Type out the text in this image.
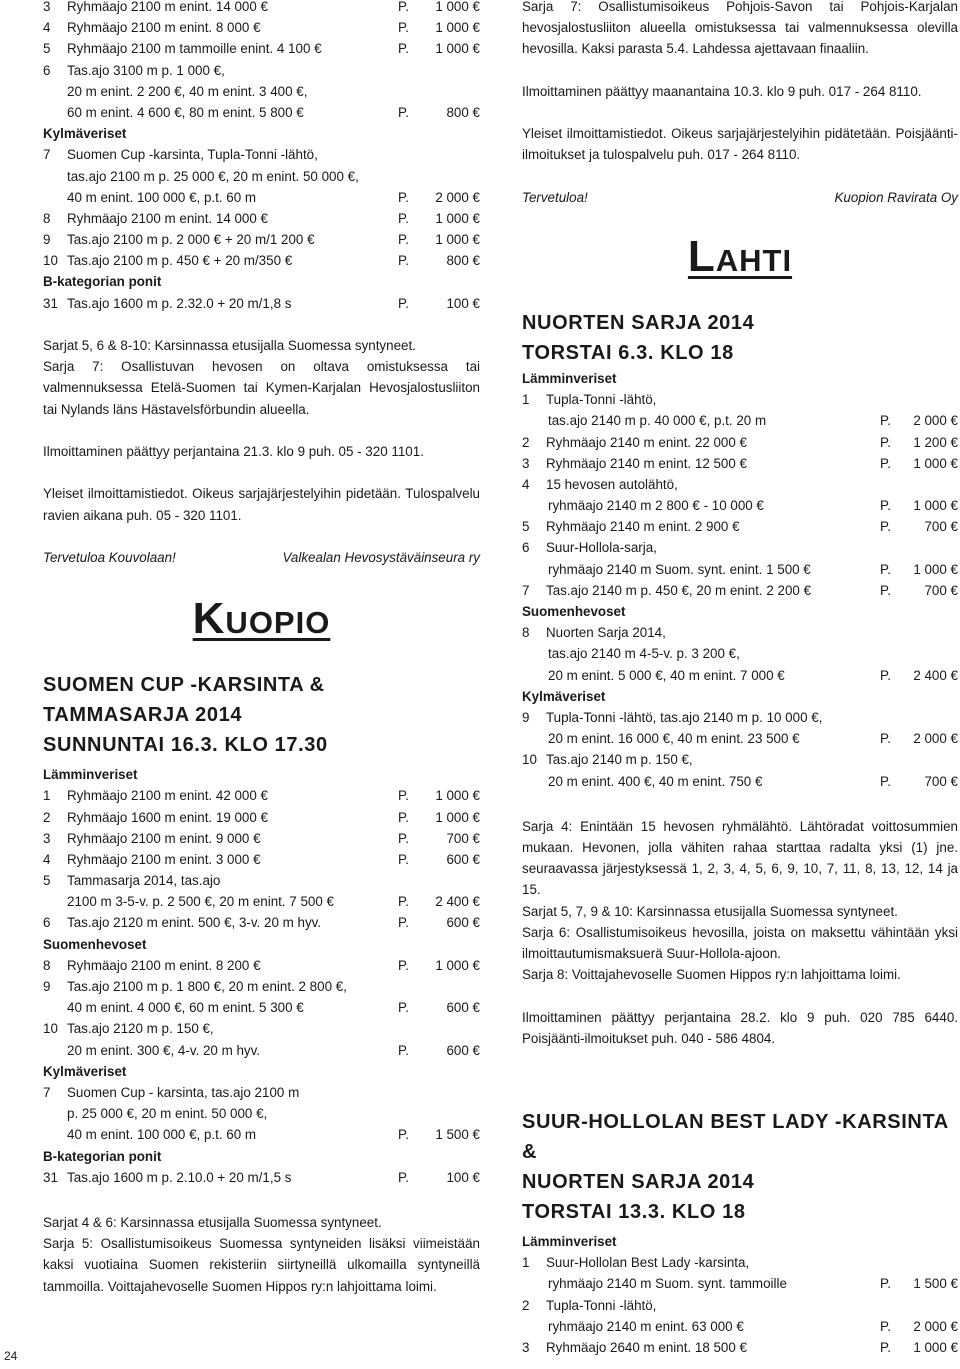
3 Ryhmäajo 2100 m enint. 14 000 €	P. 1 000 €
4 Ryhmäajo 2100 m enint. 8 000 €	P. 1 000 €
5 Ryhmäajo 2100 m tammoille enint. 4 100 €	P. 1 000 €
6 Tas.ajo 3100 m p. 1 000 €,
20 m enint. 2 200 €, 40 m enint. 3 400 €,
60 m enint. 4 600 €, 80 m enint. 5 800 €	P.	800 €
Kylmäveriset
7 Suomen Cup -karsinta, Tupla-Tonni -lähtö,
tas.ajo 2100 m p. 25 000 €, 20 m enint. 50 000 €,
40 m enint. 100 000 €, p.t. 60 m	P. 2 000 €
8 Ryhmäajo 2100 m enint. 14 000 €	P. 1 000 €
9 Tas.ajo 2100 m p. 2 000 € + 20 m/1 200 €	P. 1 000 €
10 Tas.ajo 2100 m p. 450 € + 20 m/350 €	P.	800 €
B-kategorian ponit
31 Tas.ajo 1600 m p. 2.32.0 + 20 m/1,8 s	P.	100 €
Sarjat 5, 6 & 8-10: Karsinnassa etusijalla Suomessa syntyneet.
Sarja 7: Osallistuvan hevosen on oltava omistuksessa tai valmennuksessa Etelä-Suomen tai Kymen-Karjalan Hevosjalostusliiton tai Nylands läns Hästavelsförbundin alueella.
Ilmoittaminen päättyy perjantaina 21.3. klo 9 puh. 05 - 320 1101.
Yleiset ilmoittamistiedot. Oikeus sarjajärjestelyihin pidetään. Tulospalvelu ravien aikana puh. 05 - 320 1101.
Tervetuloa Kouvolaan!	Valkealan Hevosystäväinseura ry
Kuopio
SUOMEN CUP -KARSINTA &
TAMMASARJA 2014
SUNNUNTAI 16.3. KLO 17.30
Lämminveriset
1 Ryhmäajo 2100 m enint. 42 000 €	P. 1 000 €
2 Ryhmäajo 1600 m enint. 19 000 €	P. 1 000 €
3 Ryhmäajo 2100 m enint. 9 000 €	P.	700 €
4 Ryhmäajo 2100 m enint. 3 000 €	P.	600 €
5 Tammasarja 2014, tas.ajo
2100 m 3-5-v. p. 2 500 €, 20 m enint. 7 500 €	P. 2 400 €
6 Tas.ajo 2120 m enint. 500 €, 3-v. 20 m hyv.	P.	600 €
Suomenhevoset
8 Ryhmäajo 2100 m enint. 8 200 €	P. 1 000 €
9 Tas.ajo 2100 m p. 1 800 €, 20 m enint. 2 800 €,
40 m enint. 4 000 €, 60 m enint. 5 300 €	P.	600 €
10 Tas.ajo 2120 m p. 150 €,
20 m enint. 300 €, 4-v. 20 m hyv.	P.	600 €
Kylmäveriset
7 Suomen Cup - karsinta, tas.ajo 2100 m
p. 25 000 €, 20 m enint. 50 000 €,
40 m enint. 100 000 €, p.t. 60 m	P. 1 500 €
B-kategorian ponit
31 Tas.ajo 1600 m p. 2.10.0 + 20 m/1,5 s	P.	100 €
Sarjat 4 & 6: Karsinnassa etusijalla Suomessa syntyneet.
Sarja 5: Osallistumisoikeus Suomessa syntyneiden lisäksi viimeistään kaksi vuotiaina Suomen rekisteriin siirtyneillä ulkomailla syntyneillä tammoilla. Voittajahevoselle Suomen Hippos ry:n lahjoittama loimi.
Sarja 7: Osallistumisoikeus Pohjois-Savon tai Pohjois-Karjalan hevosjalostusliiton alueella omistuksessa tai valmennuksessa olevilla hevosilla. Kaksi parasta 5.4. Lahdessa ajettavaan finaaliin.
Ilmoittaminen päättyy maanantaina 10.3. klo 9 puh. 017 - 264 8110.
Yleiset ilmoittamistiedot. Oikeus sarjajärjestelyihin pidätetään. Poisjäänti-ilmoitukset ja tulospalvelu puh. 017 - 264 8110.
Tervetuloa!	Kuopion Ravirata Oy
Lahti
NUORTEN SARJA 2014
TORSTAI 6.3. KLO 18
Lämminveriset
1 Tupla-Tonni -lähtö,
tas.ajo 2140 m p. 40 000 €, p.t. 20 m	P. 2 000 €
2 Ryhmäajo 2140 m enint. 22 000 €	P. 1 200 €
3 Ryhmäajo 2140 m enint. 12 500 €	P. 1 000 €
4 15 hevosen autolähtö,
ryhmäajo 2140 m 2 800 € - 10 000 €	P. 1 000 €
5 Ryhmäajo 2140 m enint. 2 900 €	P.	700 €
6 Suur-Hollola-sarja,
ryhmäajo 2140 m Suom. synt. enint. 1 500 €	P. 1 000 €
7 Tas.ajo 2140 m p. 450 €, 20 m enint. 2 200 €	P.	700 €
Suomenhevoset
8 Nuorten Sarja 2014,
tas.ajo 2140 m 4-5-v. p. 3 200 €,
20 m enint. 5 000 €, 40 m enint. 7 000 €	P. 2 400 €
Kylmäveriset
9 Tupla-Tonni -lähtö, tas.ajo 2140 m p. 10 000 €,
20 m enint. 16 000 €, 40 m enint. 23 500 €	P. 2 000 €
10 Tas.ajo 2140 m p. 150 €,
20 m enint. 400 €, 40 m enint. 750 €	P.	700 €
Sarja 4: Enintään 15 hevosen ryhmälähtö. Lähtöradat voittosummien mukaan. Hevonen, jolla vähiten rahaa starttaa radalta yksi (1) jne. seuraavassa järjestyksessä 1, 2, 3, 4, 5, 6, 9, 10, 7, 11, 8, 13, 12, 14 ja 15.
Sarjat 5, 7, 9 & 10: Karsinnassa etusijalla Suomessa syntyneet.
Sarja 6: Osallistumisoikeus hevosilla, joista on maksettu vähintään yksi ilmoittautumismaksuerä Suur-Hollola-ajoon.
Sarja 8: Voittajahevoselle Suomen Hippos ry:n lahjoittama loimi.
Ilmoittaminen päättyy perjantaina 28.2. klo 9 puh. 020 785 6440. Poisjäänti-ilmoitukset puh. 040 - 586 4804.
SUUR-HOLLOLAN BEST LADY -KARSINTA &
NUORTEN SARJA 2014
TORSTAI 13.3. KLO 18
Lämminveriset
1 Suur-Hollolan Best Lady -karsinta,
ryhmäajo 2140 m Suom. synt. tammoille	P. 1 500 €
2 Tupla-Tonni -lähtö,
ryhmäajo 2140 m enint. 63 000 €	P. 2 000 €
3 Ryhmäajo 2640 m enint. 18 500 €	P. 1 000 €
24
